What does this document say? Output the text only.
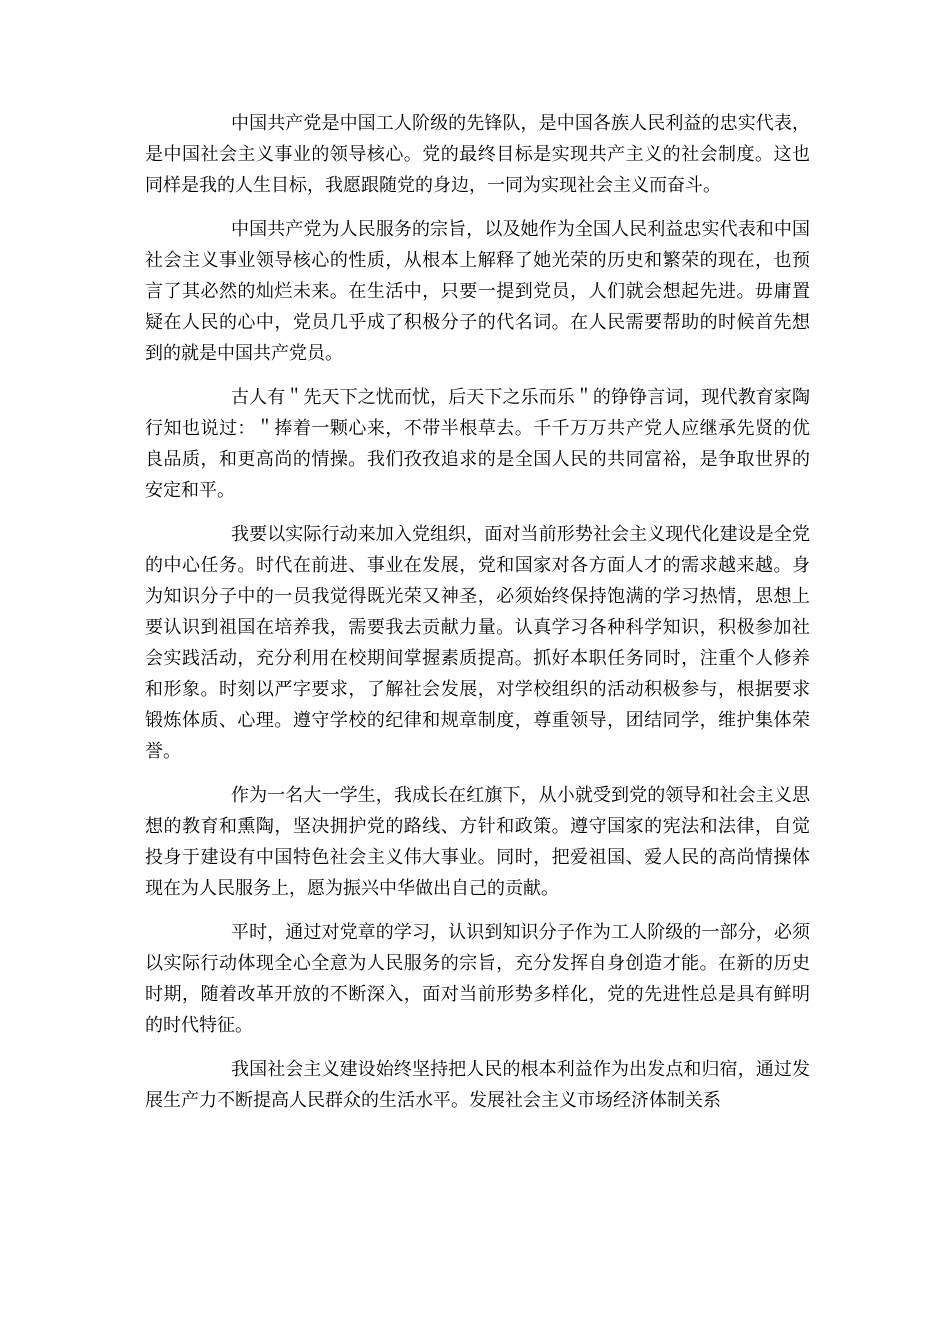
中国共产党是中国工人阶级的先锋队，是中国各族人民利益的忠实代表，是中国社会主义事业的领导核心。党的最终目标是实现共产主义的社会制度。这也同样是我的人生目标，我愿跟随党的身边，一同为实现社会主义而奋斗。

中国共产党为人民服务的宗旨，以及她作为全国人民利益忠实代表和中国社会主义事业领导核心的性质，从根本上解释了她光荣的历史和繁荣的现在，也预言了其必然的灿烂未来。在生活中，只要一提到党员，人们就会想起先进。毋庸置疑在人民的心中，党员几乎成了积极分子的代名词。在人民需要帮助的时候首先想到的就是中国共产党员。

古人有＂先天下之忧而忧，后天下之乐而乐＂的铮铮言词，现代教育家陶行知也说过：＂捧着一颗心来，不带半根草去。千千万万共产党人应继承先贤的优良品质，和更高尚的情操。我们孜孜追求的是全国人民的共同富裕，是争取世界的安定和平。

我要以实际行动来加入党组织，面对当前形势社会主义现代化建设是全党的中心任务。时代在前进、事业在发展，党和国家对各方面人才的需求越来越。身为知识分子中的一员我觉得既光荣又神圣，必须始终保持饱满的学习热情，思想上要认识到祖国在培养我，需要我去贡献力量。认真学习各种科学知识，积极参加社会实践活动，充分利用在校期间掌握素质提高。抓好本职任务同时，注重个人修养和形象。时刻以严字要求，了解社会发展，对学校组织的活动积极参与，根据要求锻炼体质、心理。遵守学校的纪律和规章制度，尊重领导，团结同学，维护集体荣誉。

作为一名大一学生，我成长在红旗下，从小就受到党的领导和社会主义思想的教育和熏陶，坚决拥护党的路线、方针和政策。遵守国家的宪法和法律，自觉投身于建设有中国特色社会主义伟大事业。同时，把爱祖国、爱人民的高尚情操体现在为人民服务上，愿为振兴中华做出自己的贡献。

平时，通过对党章的学习，认识到知识分子作为工人阶级的一部分，必须以实际行动体现全心全意为人民服务的宗旨，充分发挥自身创造才能。在新的历史时期，随着改革开放的不断深入，面对当前形势多样化，党的先进性总是具有鲜明的时代特征。

我国社会主义建设始终坚持把人民的根本利益作为出发点和归宿，通过发展生产力不断提高人民群众的生活水平。发展社会主义市场经济体制关系
